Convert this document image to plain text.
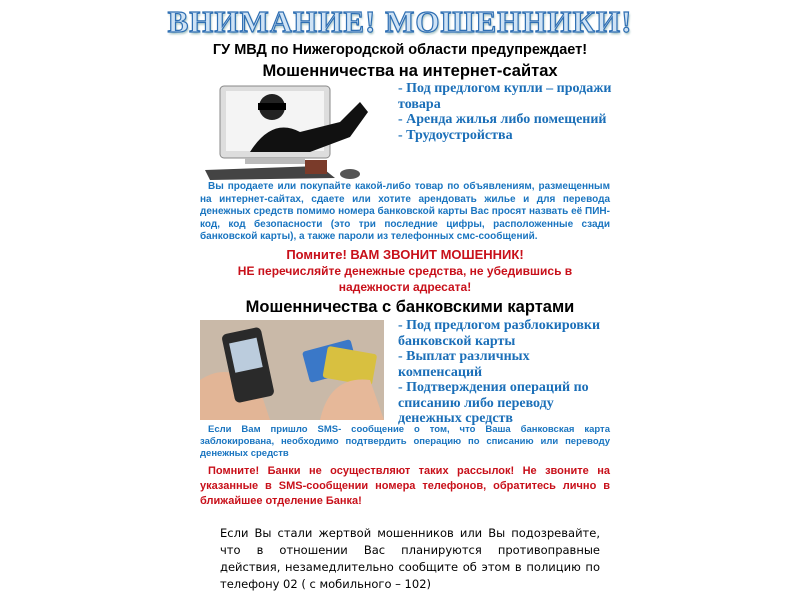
ВНИМАНИЕ! МОШЕННИКИ!
ГУ МВД по Нижегородской области предупреждает!
Мошенничества на интернет-сайтах
- Под предлогом купли – продажи товара
- Аренда жилья либо помещений
- Трудоустройства
Вы продаете или покупайте какой-либо товар по объявлениям, размещенным на интернет-сайтах, сдаете или хотите арендовать жилье и для перевода денежных средств помимо номера банковской карты Вас просят назвать её ПИН-код, код безопасности (это три последние цифры, расположенные сзади банковской карты), а также пароли из телефонных смс-сообщений.
Помните! ВАМ ЗВОНИТ МОШЕННИК!
НЕ перечисляйте денежные средства, не убедившись в надежности адресата!
Мошенничества с банковскими картами
- Под предлогом разблокировки банковской карты
- Выплат различных компенсаций
- Подтверждения операций по списанию либо переводу денежных средств
Если Вам пришло SMS- сообщение о том, что Ваша банковская карта заблокирована, необходимо подтвердить операцию по списанию или переводу денежных средств
Помните! Банки не осуществляют таких рассылок! Не звоните на указанные в SMS-сообщении номера телефонов, обратитесь лично в ближайшее отделение Банка!
Если Вы стали жертвой мошенников или Вы подозревайте, что в отношении Вас планируются противоправные действия, незамедлительно сообщите об этом в полицию по телефону 02 ( с мобильного – 102)
